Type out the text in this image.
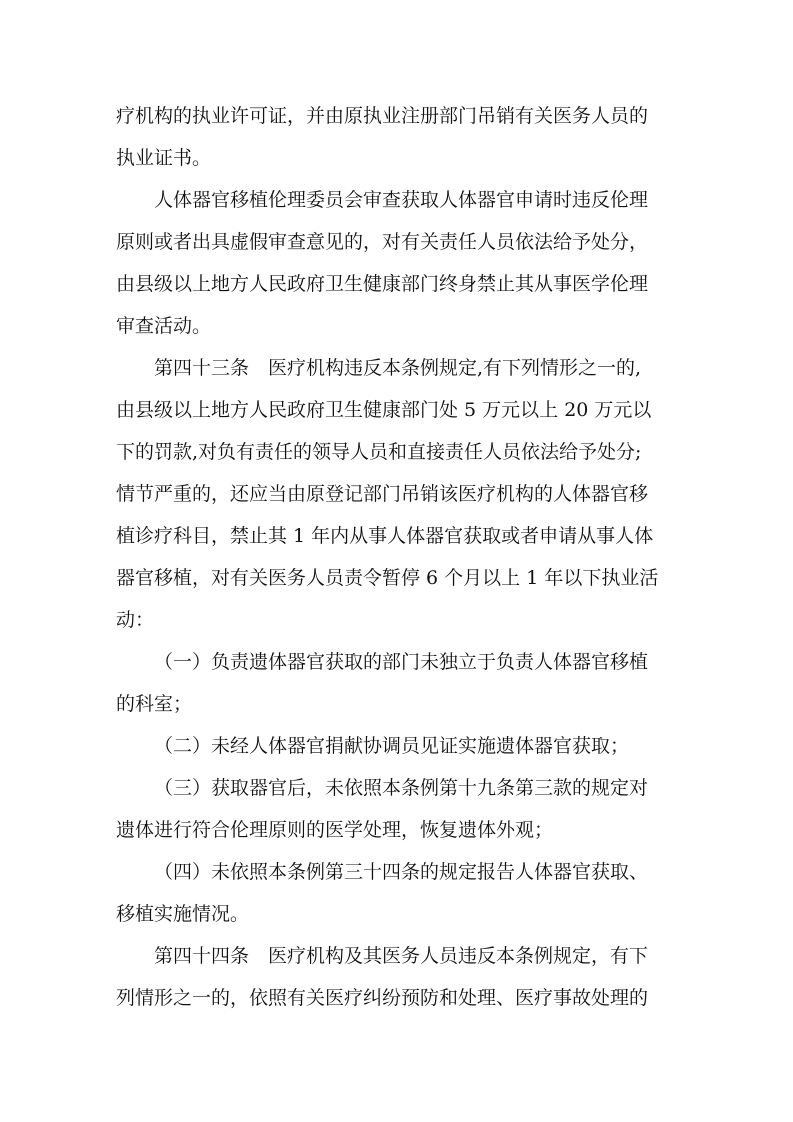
疗机构的执业许可证，并由原执业注册部门吊销有关医务人员的
执业证书。
人体器官移植伦理委员会审查获取人体器官申请时违反伦理
原则或者出具虚假审查意见的，对有关责任人员依法给予处分，
由县级以上地方人民政府卫生健康部门终身禁止其从事医学伦理
审查活动。
第四十三条　医疗机构违反本条例规定,有下列情形之一的,
由县级以上地方人民政府卫生健康部门处 5 万元以上 20 万元以
下的罚款,对负有责任的领导人员和直接责任人员依法给予处分;
情节严重的，还应当由原登记部门吊销该医疗机构的人体器官移
植诊疗科目，禁止其 1 年内从事人体器官获取或者申请从事人体
器官移植，对有关医务人员责令暂停 6 个月以上 1 年以下执业活
动：
（一）负责遗体器官获取的部门未独立于负责人体器官移植
的科室；
（二）未经人体器官捐献协调员见证实施遗体器官获取；
（三）获取器官后，未依照本条例第十九条第三款的规定对
遗体进行符合伦理原则的医学处理，恢复遗体外观；
（四）未依照本条例第三十四条的规定报告人体器官获取、
移植实施情况。
第四十四条　医疗机构及其医务人员违反本条例规定，有下
列情形之一的，依照有关医疗纠纷预防和处理、医疗事故处理的
